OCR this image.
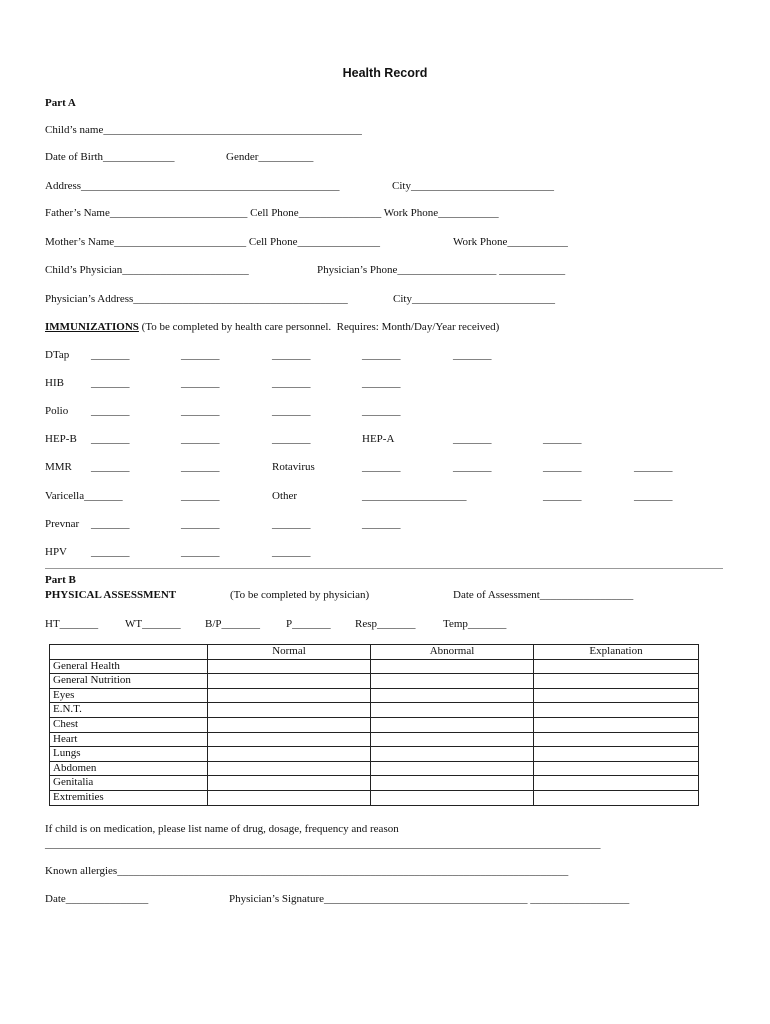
Health Record
Part A
Child’s name_______________________________________________
Date of Birth_____________	Gender__________
Address_______________________________________________	City__________________________
Father’s Name_________________________ Cell Phone_______________ Work Phone___________
Mother’s Name________________________ Cell Phone_______________	Work Phone___________
Child’s Physician_______________________	Physician’s Phone__________________ ____________
Physician’s Address_______________________________________	City__________________________
IMMUNIZATIONS (To be completed by health care personnel.  Requires: Month/Day/Year received)
DTap _______	_______	_______	_______	_______
HIB _______	_______	_______	_______
Polio _______	_______	_______	_______
HEP-B _______	_______	_______	HEP-A	_______	_______
MMR _______	_______	Rotavirus	_______	_______	_______	_______
Varicella_______	_______	Other	___________________	_______	_______
Prevnar _______	_______	_______	_______
HPV _______	_______	_______
Part B
PHYSICAL ASSESSMENT	(To be completed by physician)	Date of Assessment_________________
HT_______ WT_______ B/P_______ P_______ Resp_______	Temp_______
	Normal	Abnormal	Explanation
General Health			
General Nutrition			
Eyes			
E.N.T.			
Chest			
Heart			
Lungs			
Abdomen			
Genitalia			
Extremities			
If child is on medication, please list name of drug, dosage, frequency and reason
_____________________________________________________________________________________________________
Known allergies__________________________________________________________________________________
Date_______________	Physician’s Signature_____________________________________ __________________
